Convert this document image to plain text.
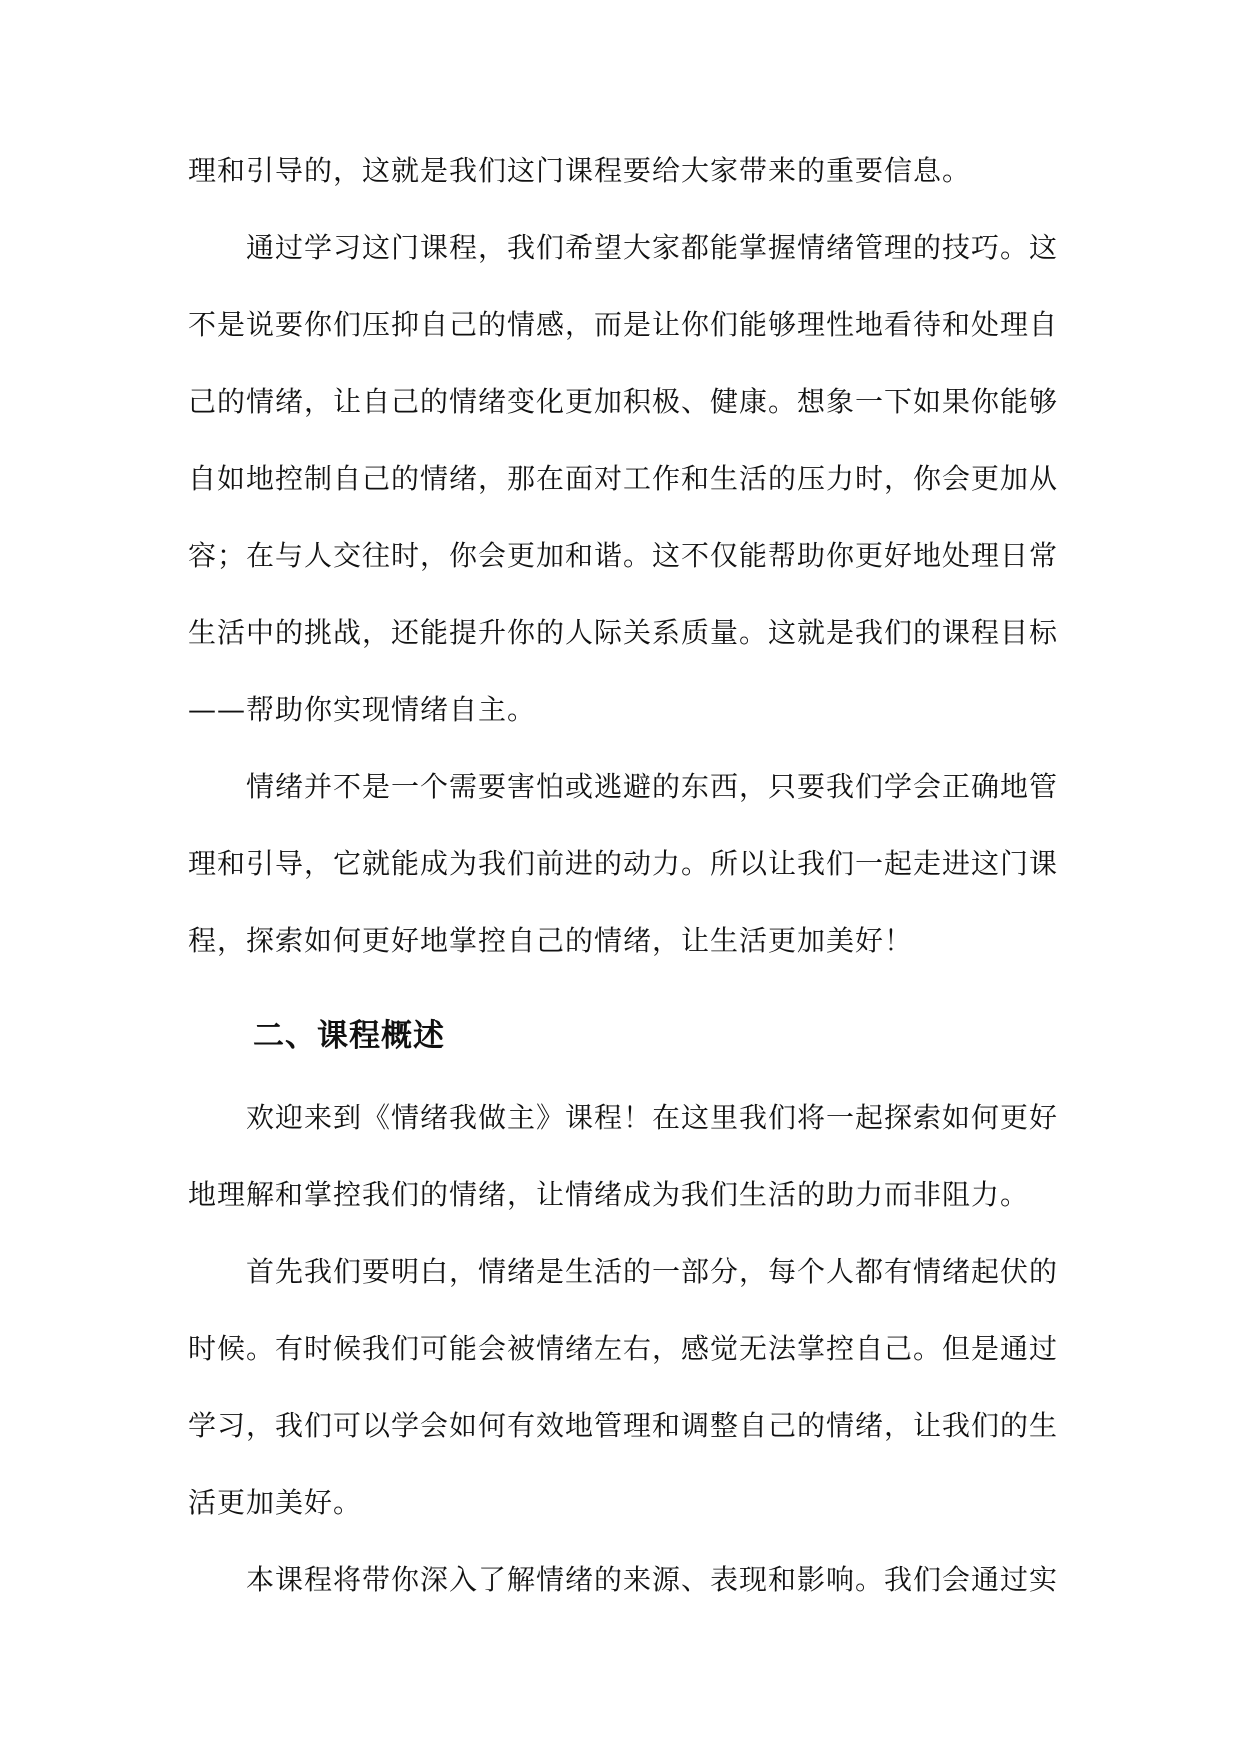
理和引导的，这就是我们这门课程要给大家带来的重要信息。

通过学习这门课程，我们希望大家都能掌握情绪管理的技巧。这不是说要你们压抑自己的情感，而是让你们能够理性地看待和处理自己的情绪，让自己的情绪变化更加积极、健康。想象一下如果你能够自如地控制自己的情绪，那在面对工作和生活的压力时，你会更加从容；在与人交往时，你会更加和谐。这不仅能帮助你更好地处理日常生活中的挑战，还能提升你的人际关系质量。这就是我们的课程目标——帮助你实现情绪自主。

情绪并不是一个需要害怕或逃避的东西，只要我们学会正确地管理和引导，它就能成为我们前进的动力。所以让我们一起走进这门课程，探索如何更好地掌控自己的情绪，让生活更加美好！

二、课程概述

欢迎来到《情绪我做主》课程！在这里我们将一起探索如何更好地理解和掌控我们的情绪，让情绪成为我们生活的助力而非阻力。

首先我们要明白，情绪是生活的一部分，每个人都有情绪起伏的时候。有时候我们可能会被情绪左右，感觉无法掌控自己。但是通过学习，我们可以学会如何有效地管理和调整自己的情绪，让我们的生活更加美好。

本课程将带你深入了解情绪的来源、表现和影响。我们会通过实
